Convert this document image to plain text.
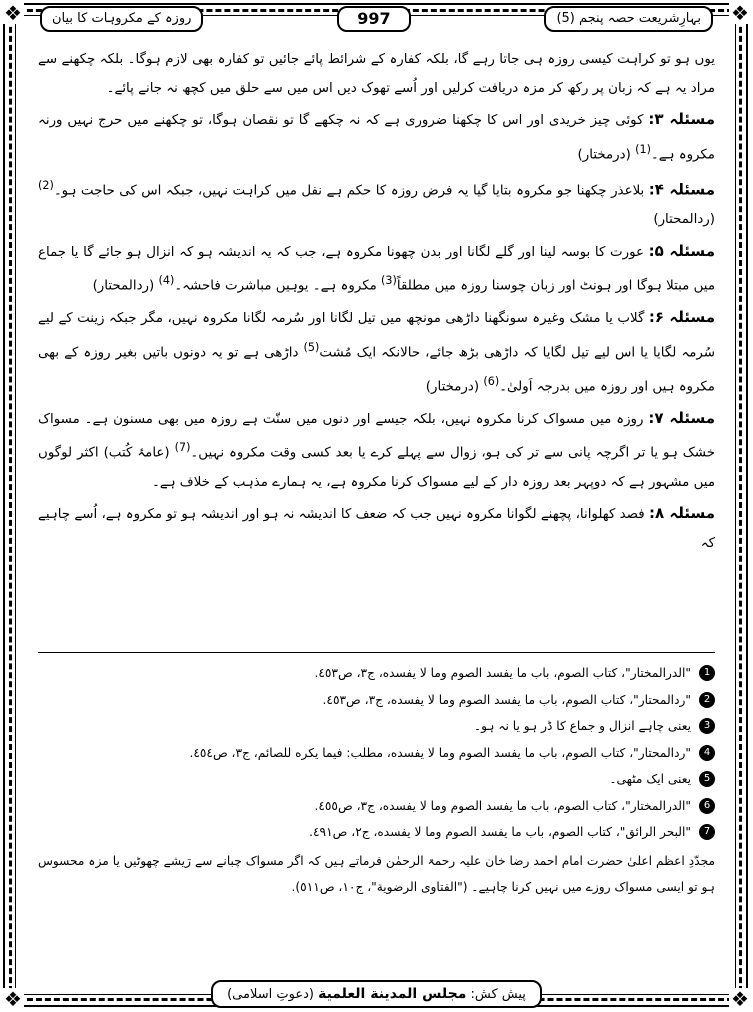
❖	❖
❖	❖
روزہ کے مکروہات کا بیان	997	بہارِشریعت حصہ پنجم (5)

یوں ہو تو کراہت کیسی روزہ ہی جاتا رہے گا، بلکہ کفارہ کے شرائط پائے جائیں تو کفارہ بھی لازم ہوگا۔ بلکہ چکھنے سے مراد یہ ہے کہ زبان پر رکھ کر مزہ دریافت کرلیں اور اُسے تھوک دیں اس میں سے حلق میں کچھ نہ جانے پائے۔

مسئلہ ۳: کوئی چیز خریدی اور اس کا چکھنا ضروری ہے کہ نہ چکھے گا تو نقصان ہوگا، تو چکھنے میں حرج نہیں ورنہ مکروہ ہے۔$^{(1)}$ (درمختار)

مسئلہ ۴: بلاعذر چکھنا جو مکروہ بتایا گیا یہ فرض روزہ کا حکم ہے نفل میں کراہت نہیں، جبکہ اس کی حاجت ہو۔$^{(2)}$ (ردالمحتار)

مسئلہ ۵: عورت کا بوسہ لینا اور گلے لگانا اور بدن چھونا مکروہ ہے، جب کہ یہ اندیشہ ہو کہ انزال ہو جائے گا یا جماع میں مبتلا ہوگا اور ہونٹ اور زبان چوسنا روزہ میں مطلقاً$^{(3)}$ مکروہ ہے۔ یوہیں مباشرت فاحشہ۔$^{(4)}$ (ردالمحتار)

مسئلہ ۶: گلاب یا مشک وغیرہ سونگھنا داڑھی مونچھ میں تیل لگانا اور سُرمہ لگانا مکروہ نہیں، مگر جبکہ زینت کے لیے سُرمہ لگایا یا اس لیے تیل لگایا کہ داڑھی بڑھ جائے، حالانکہ ایک مُشت$^{(5)}$ داڑھی ہے تو یہ دونوں باتیں بغیر روزہ کے بھی مکروہ ہیں اور روزہ میں بدرجہ اَولیٰ۔$^{(6)}$ (درمختار)

مسئلہ ۷: روزہ میں مسواک کرنا مکروہ نہیں، بلکہ جیسے اور دنوں میں سنّت ہے روزہ میں بھی مسنون ہے۔ مسواک خشک ہو یا تر اگرچہ پانی سے تر کی ہو، زوال سے پہلے کرے یا بعد کسی وقت مکروہ نہیں۔$^{(7)}$ (عامۂ کُتب) اکثر لوگوں میں مشہور ہے کہ دوپہر بعد روزہ دار کے لیے مسواک کرنا مکروہ ہے، یہ ہمارے مذہب کے خلاف ہے۔

مسئلہ ۸: فصد کھلوانا، پچھنے لگوانا مکروہ نہیں جب کہ ضعف کا اندیشہ نہ ہو اور اندیشہ ہو تو مکروہ ہے، اُسے چاہیے کہ

1
"الدرالمختار"، كتاب الصوم، باب ما يفسد الصوم وما لا يفسده، ج٣، ص٤٥٣.
2
"ردالمحتار"، كتاب الصوم، باب ما يفسد الصوم وما لا يفسده، ج٣، ص٤٥٣.
3
یعنی چاہے انزال و جماع کا ڈر ہو یا نہ ہو۔
4
"ردالمحتار"، كتاب الصوم، باب ما يفسد الصوم وما لا يفسده، مطلب: فيما يكره للصائم، ج٣، ص٤٥٤.
5
یعنی ایک مٹھی۔
6
"الدرالمختار"، كتاب الصوم، باب ما يفسد الصوم وما لا يفسده، ج٣، ص٤٥٥.
7
"البحر الرائق"، كتاب الصوم، باب ما يفسد الصوم وما لا يفسده، ج٢، ص٤٩١.
مجدّدِ اعظم اعلیٰ حضرت امام احمد رضا خان علیہ رحمۃ الرحمٰن فرماتے ہیں کہ اگر مسواک چبانے سے رَیشے چھوٹیں یا مزہ محسوس ہو تو ایسی مسواک روزے میں نہیں کرنا چاہیے۔ ("الفتاوى الرضوية"، ج١٠، ص٥١١).
پیش کش: مجلس المدينة العلمية (دعوتِ اسلامی)
